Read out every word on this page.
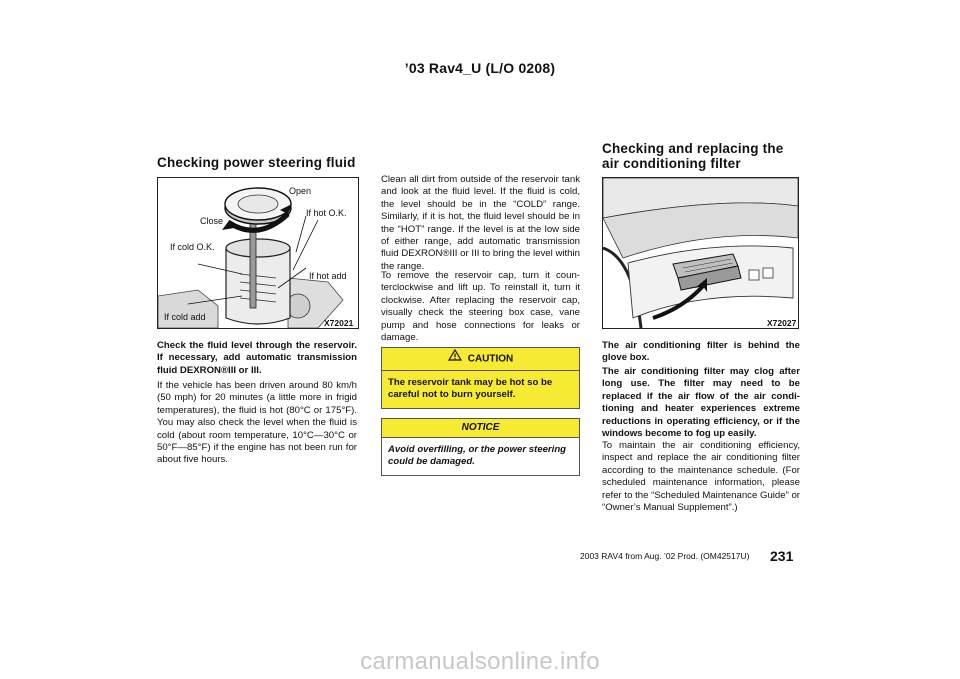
’03 Rav4_U (L/O 0208)
Checking power steering fluid
Open
Close
If hot O.K.
If cold O.K.
If hot add
If cold add
X72021
Check the fluid level through the reservoir. If necessary, add automatic transmission fluid DEXRON®III or III.
If the vehicle has been driven around 80 km/h (50 mph) for 20 minutes (a little more in frigid temperatures), the fluid is hot (80°C or 175°F). You may also check the level when the fluid is cold (about room temperature, 10°C—30°C or 50°F—85°F) if the engine has not been run for about five hours.
Clean all dirt from outside of the reservoir tank and look at the fluid level. If the fluid is cold, the level should be in the “COLD” range. Similarly, if it is hot, the fluid level should be in the “HOT” range. If the level is at the low side of either range, add automatic transmission fluid DEXRON®III or III to bring the level within the range.
To remove the reservoir cap, turn it counterclockwise and lift up. To reinstall it, turn it clockwise. After replacing the reservoir cap, visually check the steering box case, vane pump and hose connections for leaks or damage.
CAUTION
The reservoir tank may be hot so be careful not to burn yourself.
NOTICE
Avoid overfilling, or the power steering could be damaged.
Checking and replacing the
air conditioning filter
X72027
The air conditioning filter is behind the glove box.
The air conditioning filter may clog after long use. The filter may need to be replaced if the air flow of the air conditioning and heater experiences extreme reductions in operating efficiency, or if the windows become to fog up easily.
To maintain the air conditioning efficiency, inspect and replace the air conditioning filter according to the maintenance schedule. (For scheduled maintenance information, please refer to the “Scheduled Maintenance Guide” or “Owner’s Manual Supplement”.)
2003 RAV4 from Aug. ’02 Prod. (OM42517U) 231
carmanualsonline.info
